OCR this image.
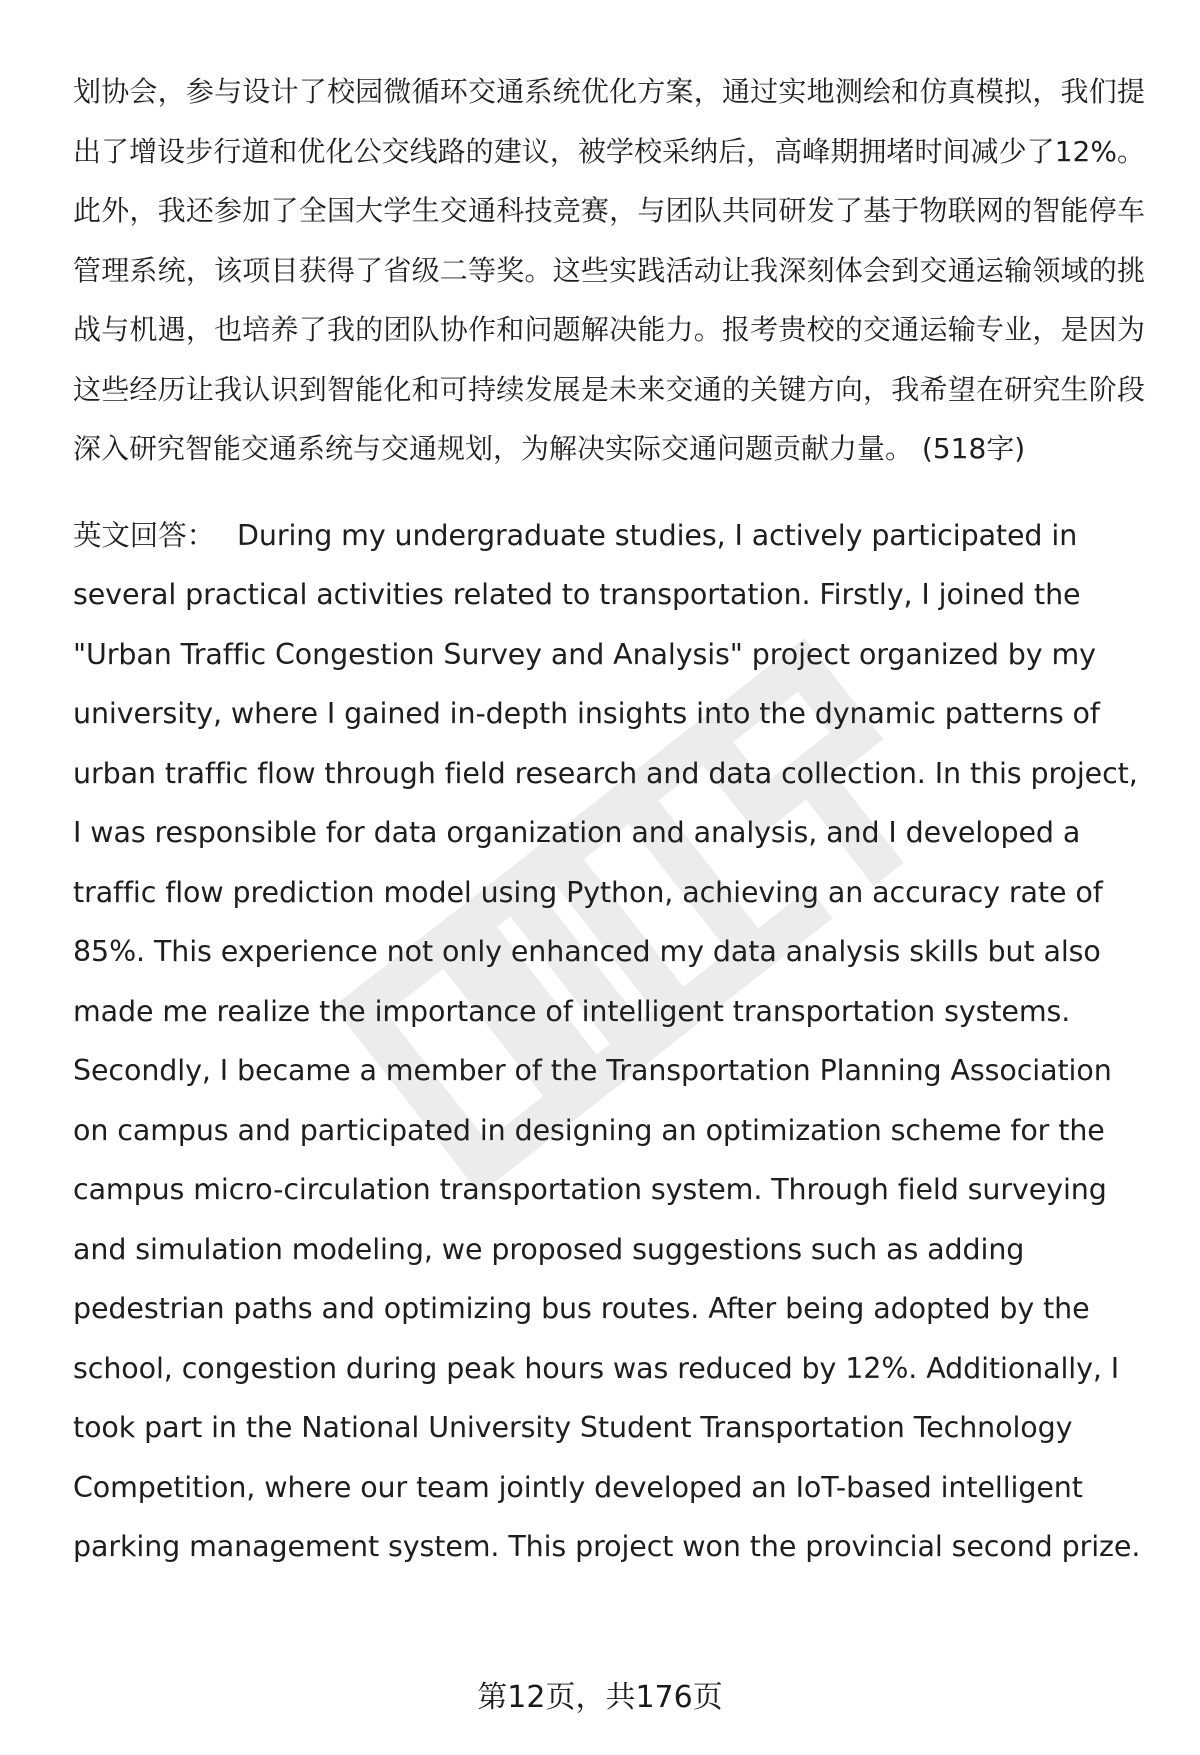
划协会，参与设计了校园微循环交通系统优化方案，通过实地测绘和仿真模拟，我们提出了增设步行道和优化公交线路的建议，被学校采纳后，高峰期拥堵时间减少了12%。此外，我还参加了全国大学生交通科技竞赛，与团队共同研发了基于物联网的智能停车管理系统，该项目获得了省级二等奖。这些实践活动让我深刻体会到交通运输领域的挑战与机遇，也培养了我的团队协作和问题解决能力。报考贵校的交通运输专业，是因为这些经历让我认识到智能化和可持续发展是未来交通的关键方向，我希望在研究生阶段深入研究智能交通系统与交通规划，为解决实际交通问题贡献力量。 (518字)

英文回答： During my undergraduate studies, I actively participated in several practical activities related to transportation. Firstly, I joined the "Urban Traffic Congestion Survey and Analysis" project organized by my university, where I gained in-depth insights into the dynamic patterns of urban traffic flow through field research and data collection. In this project, I was responsible for data organization and analysis, and I developed a traffic flow prediction model using Python, achieving an accuracy rate of 85%. This experience not only enhanced my data analysis skills but also made me realize the importance of intelligent transportation systems. Secondly, I became a member of the Transportation Planning Association on campus and participated in designing an optimization scheme for the campus micro-circulation transportation system. Through field surveying and simulation modeling, we proposed suggestions such as adding pedestrian paths and optimizing bus routes. After being adopted by the school, congestion during peak hours was reduced by 12%. Additionally, I took part in the National University Student Transportation Technology Competition, where our team jointly developed an IoT-based intelligent parking management system. This project won the provincial second prize.

第12页，共176页
